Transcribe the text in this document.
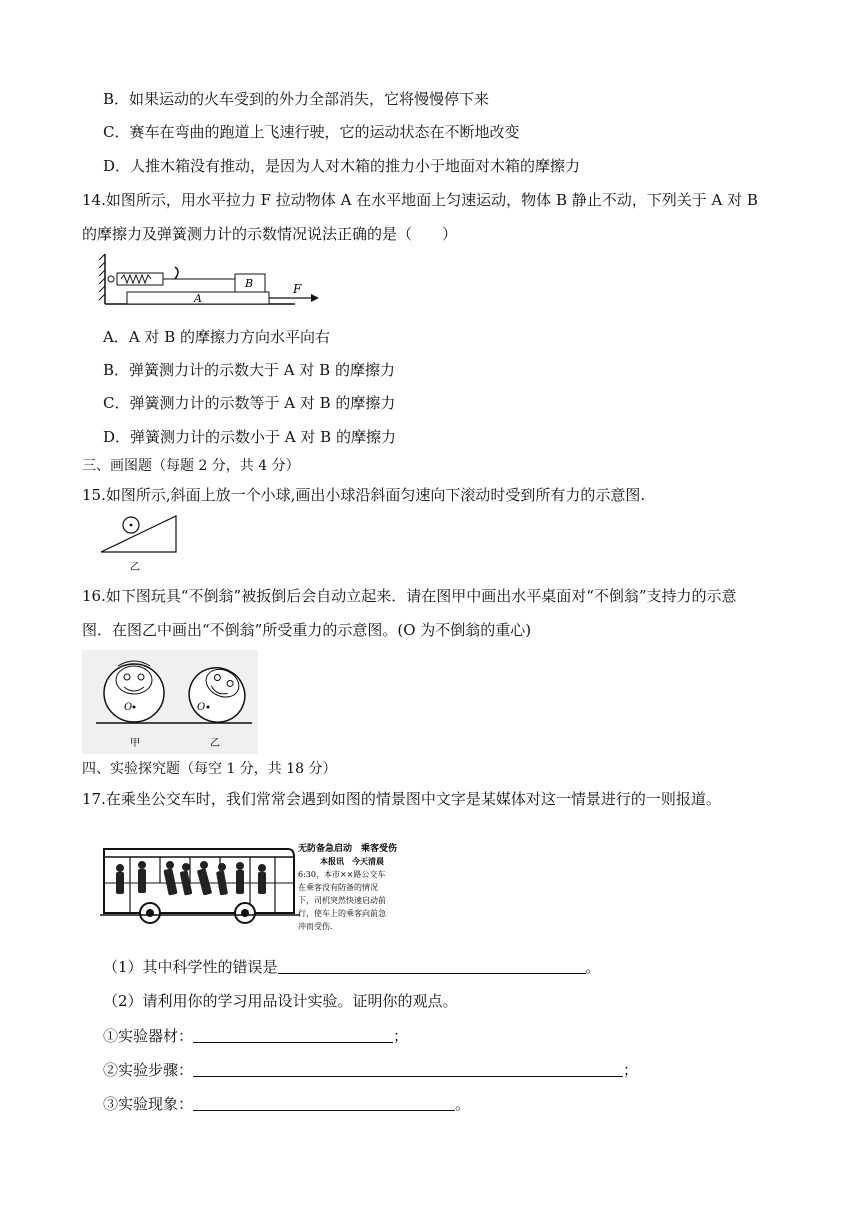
B．如果运动的火车受到的外力全部消失，它将慢慢停下来
C．赛车在弯曲的跑道上飞速行驶，它的运动状态在不断地改变
D．人推木箱没有推动，是因为人对木箱的推力小于地面对木箱的摩擦力
14.如图所示，用水平拉力 F 拉动物体 A 在水平地面上匀速运动，物体 B 静止不动，下列关于 A 对 B
的摩擦力及弹簧测力计的示数情况说法正确的是（　　）
B
A
F
A．A 对 B 的摩擦力方向水平向右
B．弹簧测力计的示数大于 A 对 B 的摩擦力
C．弹簧测力计的示数等于 A 对 B 的摩擦力
D．弹簧测力计的示数小于 A 对 B 的摩擦力
三、画图题（每题 2 分，共 4 分）
15.如图所示,斜面上放一个小球,画出小球沿斜面匀速向下滚动时受到所有力的示意图.
乙
16.如下图玩具“不倒翁”被扳倒后会自动立起来．请在图甲中画出水平桌面对“不倒翁”支持力的示意
图．在图乙中画出“不倒翁”所受重力的示意图。(O 为不倒翁的重心)
O	O
甲	乙
四、实验探究题（每空 1 分，共 18 分）
17.在乘坐公交车时，我们常常会遇到如图的情景图中文字是某媒体对这一情景进行的一则报道。
无防备急启动　乘客受伤
本报讯　今天清晨
6:30，本市××路公交车
在乘客没有防备的情况
下，司机突然快速启动前
行，使车上的乘客向前急
冲而受伤.
（1）其中科学性的错误是	。
（2）请利用你的学习用品设计实验。证明你的观点。
①实验器材：	；
②实验步骤：	；
③实验现象：	。
